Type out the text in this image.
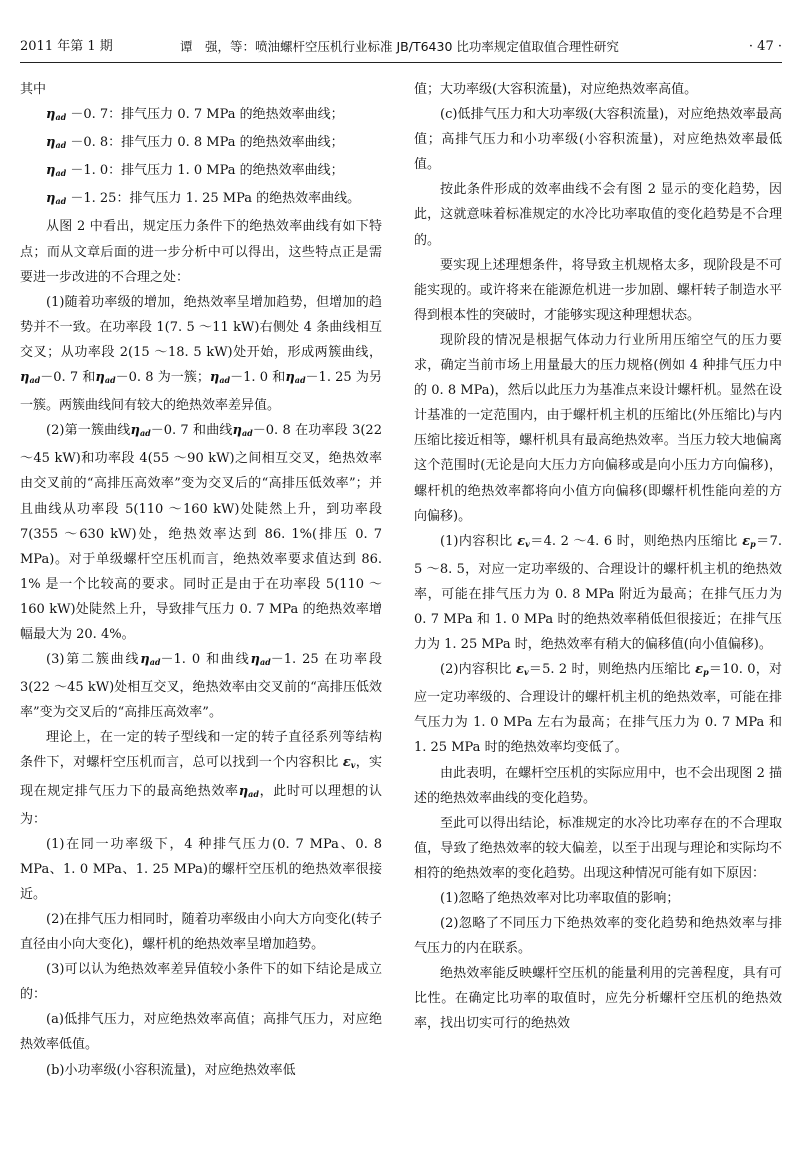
2011 年第 1 期	谭　强，等：喷油螺杆空压机行业标准 JB/T6430 比功率规定值取值合理性研究	· 47 ·

其中

$\eta_{ad} -0$. 7：排气压力 0. 7 MPa 的绝热效率曲线；

$\eta_{ad} -0$. 8：排气压力 0. 8 MPa 的绝热效率曲线；

$\eta_{ad} -1$. 0：排气压力 1. 0 MPa 的绝热效率曲线；

$\eta_{ad} -1$. 25：排气压力 1. 25 MPa 的绝热效率曲线。

从图 2 中看出，规定压力条件下的绝热效率曲线有如下特点；而从文章后面的进一步分析中可以得出，这些特点正是需要进一步改进的不合理之处：

(1)随着功率级的增加，绝热效率呈增加趋势，但增加的趋势并不一致。在功率段 1(7. 5 ～11 kW)右侧处 4 条曲线相互交叉；从功率段 2(15 ～18. 5 kW)处开始，形成两簇曲线，$\eta_{ad}-0$. 7 和$\eta_{ad}-0$. 8 为一簇；$\eta_{ad}-1$. 0 和$\eta_{ad}-1$. 25 为另一簇。两簇曲线间有较大的绝热效率差异值。

(2)第一簇曲线$\eta_{ad}-0$. 7 和曲线$\eta_{ad}-0$. 8 在功率段 3(22 ～45 kW)和功率段 4(55 ～90 kW)之间相互交叉，绝热效率由交叉前的“高排压高效率”变为交叉后的“高排压低效率”；并且曲线从功率段 5(110 ～160 kW)处陡然上升，到功率段 7(355 ～630 kW)处，绝热效率达到 86. 1%(排压 0. 7 MPa)。对于单级螺杆空压机而言，绝热效率要求值达到 86. 1% 是一个比较高的要求。同时正是由于在功率段 5(110 ～160 kW)处陡然上升，导致排气压力 0. 7 MPa 的绝热效率增幅最大为 20. 4%。

(3)第二簇曲线$\eta_{ad}-1$. 0 和曲线$\eta_{ad}-1$. 25 在功率段 3(22 ～45 kW)处相互交叉，绝热效率由交叉前的“高排压低效率”变为交叉后的“高排压高效率”。

理论上，在一定的转子型线和一定的转子直径系列等结构条件下，对螺杆空压机而言，总可以找到一个内容积比 $\varepsilon_v$，实现在规定排气压力下的最高绝热效率$\eta_{ad}$，此时可以理想的认为：

(1)在同一功率级下，4 种排气压力(0. 7 MPa、0. 8 MPa、1. 0 MPa、1. 25 MPa)的螺杆空压机的绝热效率很接近。

(2)在排气压力相同时，随着功率级由小向大方向变化(转子直径由小向大变化)，螺杆机的绝热效率呈增加趋势。

(3)可以认为绝热效率差异值较小条件下的如下结论是成立的：

(a)低排气压力，对应绝热效率高值；高排气压力，对应绝热效率低值。

(b)小功率级(小容积流量)，对应绝热效率低

值；大功率级(大容积流量)，对应绝热效率高值。

(c)低排气压力和大功率级(大容积流量)，对应绝热效率最高值；高排气压力和小功率级(小容积流量)，对应绝热效率最低值。

按此条件形成的效率曲线不会有图 2 显示的变化趋势，因此，这就意味着标准规定的水冷比功率取值的变化趋势是不合理的。

要实现上述理想条件，将导致主机规格太多，现阶段是不可能实现的。或许将来在能源危机进一步加剧、螺杆转子制造水平得到根本性的突破时，才能够实现这种理想状态。

现阶段的情况是根据气体动力行业所用压缩空气的压力要求，确定当前市场上用量最大的压力规格(例如 4 种排气压力中的 0. 8 MPa)，然后以此压力为基准点来设计螺杆机。显然在设计基准的一定范围内，由于螺杆机主机的压缩比(外压缩比)与内压缩比接近相等，螺杆机具有最高绝热效率。当压力较大地偏离这个范围时(无论是向大压力方向偏移或是向小压力方向偏移)，螺杆机的绝热效率都将向小值方向偏移(即螺杆机性能向差的方向偏移)。

(1)内容积比 $\varepsilon_v=4$. 2 ～4. 6 时，则绝热内压缩比 $\varepsilon_p=7$. 5 ～8. 5，对应一定功率级的、合理设计的螺杆机主机的绝热效率，可能在排气压力为 0. 8 MPa 附近为最高；在排气压力为 0. 7 MPa 和 1. 0 MPa 时的绝热效率稍低但很接近；在排气压力为 1. 25 MPa 时，绝热效率有稍大的偏移值(向小值偏移)。

(2)内容积比 $\varepsilon_v=5$. 2 时，则绝热内压缩比 $\varepsilon_p=10$. 0，对应一定功率级的、合理设计的螺杆机主机的绝热效率，可能在排气压力为 1. 0 MPa 左右为最高；在排气压力为 0. 7 MPa 和 1. 25 MPa 时的绝热效率均变低了。

由此表明，在螺杆空压机的实际应用中，也不会出现图 2 描述的绝热效率曲线的变化趋势。

至此可以得出结论，标准规定的水冷比功率存在的不合理取值，导致了绝热效率的较大偏差，以至于出现与理论和实际均不相符的绝热效率的变化趋势。出现这种情况可能有如下原因：

(1)忽略了绝热效率对比功率取值的影响；

(2)忽略了不同压力下绝热效率的变化趋势和绝热效率与排气压力的内在联系。

绝热效率能反映螺杆空压机的能量利用的完善程度，具有可比性。在确定比功率的取值时，应先分析螺杆空压机的绝热效率，找出切实可行的绝热效
